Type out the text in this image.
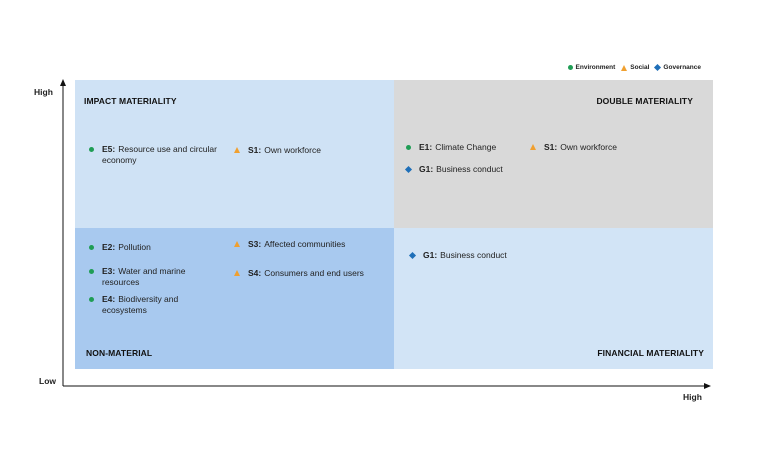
Environment Social Governance
High
Low
High
IMPACT MATERIALITY	DOUBLE MATERIALITY
NON-MATERIAL	FINANCIAL MATERIALITY
E5: Resource use and circular economy
S1: Own workforce	E1: Climate Change	S1: Own workforce
G1: Business conduct
E2: Pollution
E3: Water and marine resources
E4: Biodiversity and ecosystems
S3: Affected communities
S4: Consumers and end users
G1: Business conduct
